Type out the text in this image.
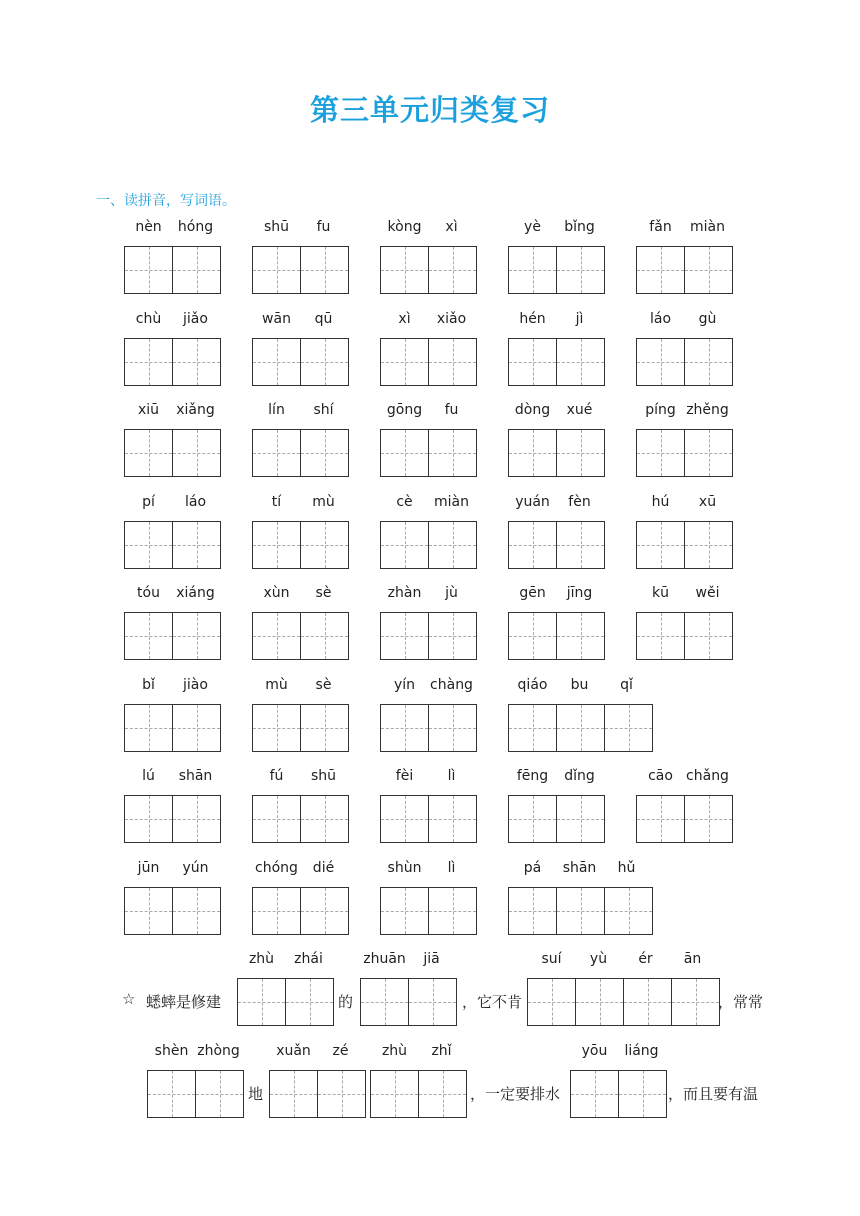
第三单元归类复习
一、读拼音，写词语。
nèn hóng	shū fu	kòng xì	yè bǐng	fǎn miàn
chù jiǎo	wān qū	xì xiǎo	hén jì	láo gù
xiū xiǎng	lín shí	gōng fu	dòng xué	píng zhěng
pí láo	tí mù	cè miàn	yuán fèn	hú xū
tóu xiáng	xùn sè	zhàn jù	gēn jīng	kū wěi
bǐ jiào	mù sè	yín chàng	qiáo bu qǐ
lú shān	fú shū	fèi lì	fēng dǐng	cāo chǎng
jūn yún	chóng dié	shùn lì	pá shān hǔ
☆ 蟋蟀是修建
zhù zhái
的
zhuān jiā
，它不肯
suí yù ér ān
，常常
shèn zhòng
地
xuǎn zé zhù zhǐ
，一定要排水
yōu liáng
，而且要有温
